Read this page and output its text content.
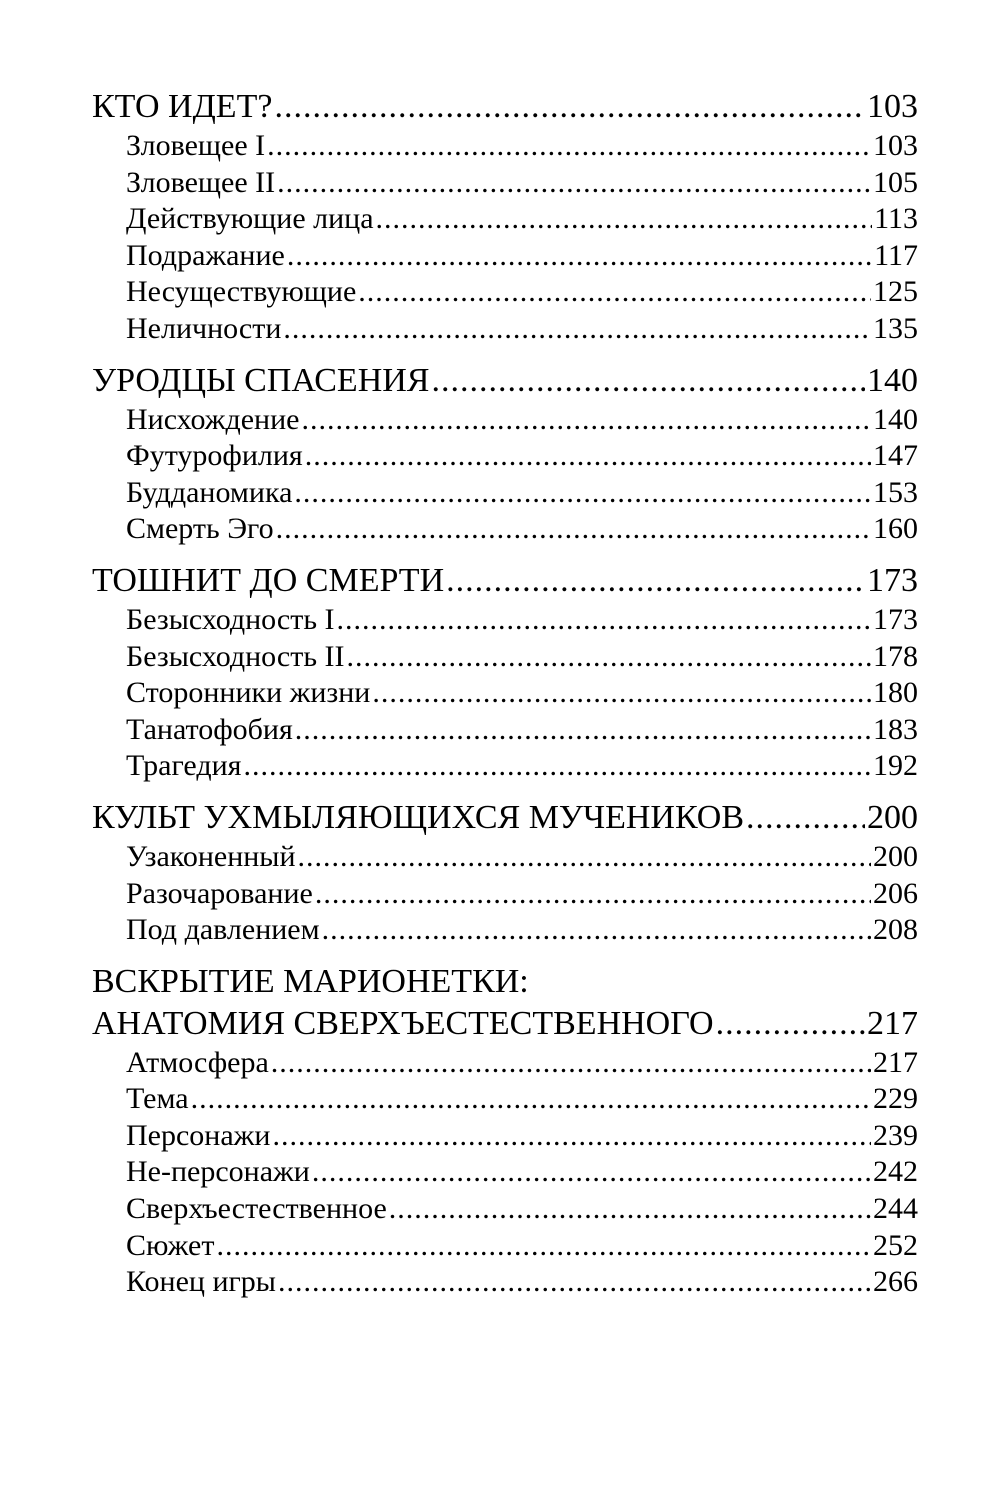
КТО ИДЕТ? .....	103
Зловещее I .....	103
Зловещее II .....	105
Действующие лица .....	113
Подражание .....	117
Несуществующие .....	125
Неличности .....	135
УРОДЦЫ СПАСЕНИЯ .....	140
Нисхождение .....	140
Футурофилия .....	147
Будданомика .....	153
Смерть Эго .....	160
ТОШНИТ ДО СМЕРТИ .....	173
Безысходность I .....	173
Безысходность II .....	178
Сторонники жизни .....	180
Танатофобия .....	183
Трагедия .....	192
КУЛЬТ УХМЫЛЯЮЩИХСЯ МУЧЕНИКОВ .....	200
Узаконенный .....	200
Разочарование .....	206
Под давлением .....	208
ВСКРЫТИЕ МАРИОНЕТКИ:
АНАТОМИЯ СВЕРХЪЕСТЕСТВЕННОГО .....	217
Атмосфера .....	217
Тема .....	229
Персонажи .....	239
Не-персонажи .....	242
Сверхъестественное .....	244
Сюжет .....	252
Конец игры .....	266
